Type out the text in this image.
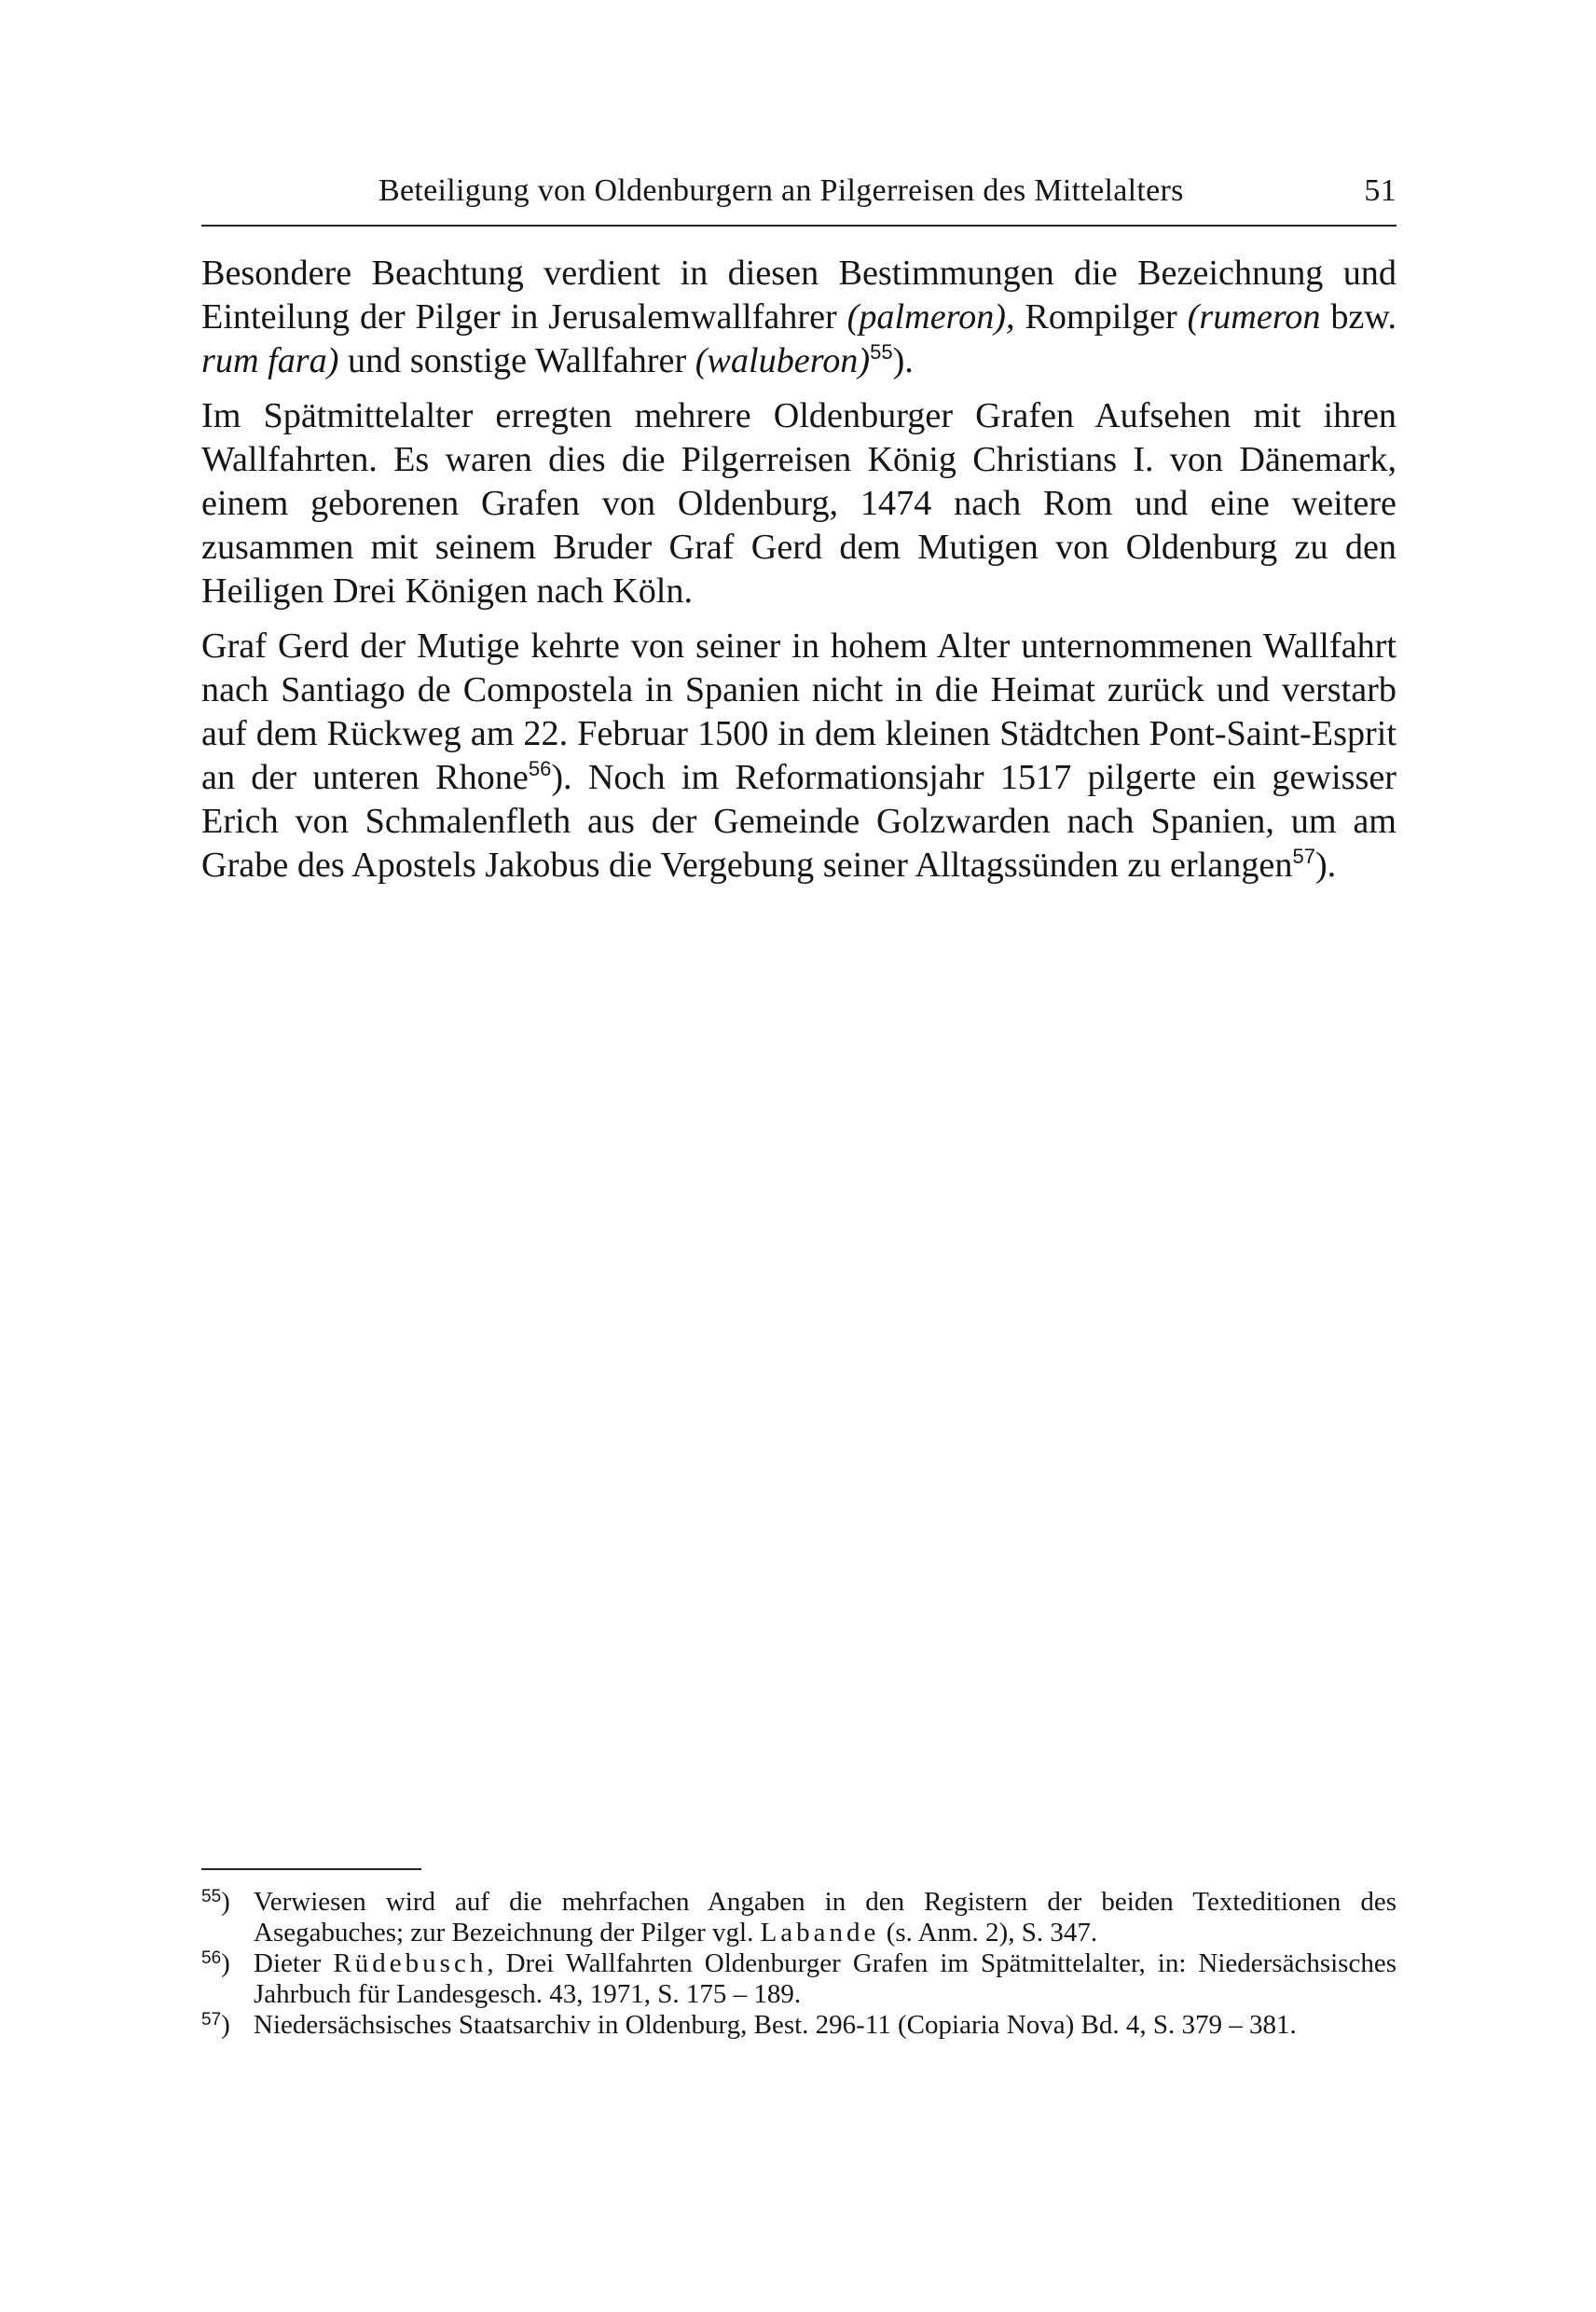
Beteiligung von Oldenburgern an Pilgerreisen des Mittelalters	51

Besondere Beachtung verdient in diesen Bestimmungen die Bezeichnung und Einteilung der Pilger in Jerusalemwallfahrer (palmeron), Rompilger (rumeron bzw. rum fara) und sonstige Wallfahrer (waluberon)$^{55}$).

Im Spätmittelalter erregten mehrere Oldenburger Grafen Aufsehen mit ihren Wallfahrten. Es waren dies die Pilgerreisen König Christians I. von Dänemark, einem geborenen Grafen von Oldenburg, 1474 nach Rom und eine weitere zusammen mit seinem Bruder Graf Gerd dem Mutigen von Oldenburg zu den Heiligen Drei Königen nach Köln.

Graf Gerd der Mutige kehrte von seiner in hohem Alter unternommenen Wallfahrt nach Santiago de Compostela in Spanien nicht in die Heimat zurück und verstarb auf dem Rückweg am 22. Februar 1500 in dem kleinen Städtchen Pont-Saint-Esprit an der unteren Rhone$^{56}$). Noch im Reformationsjahr 1517 pilgerte ein gewisser Erich von Schmalenfleth aus der Gemeinde Golzwarden nach Spanien, um am Grabe des Apostels Jakobus die Vergebung seiner Alltagssünden zu erlangen$^{57}$).

$^{55}$) Verwiesen wird auf die mehrfachen Angaben in den Registern der beiden Texteditionen des Asegabuches; zur Bezeichnung der Pilger vgl. Labande (s. Anm. 2), S. 347.
$^{56}$) Dieter Rüdebusch, Drei Wallfahrten Oldenburger Grafen im Spätmittelalter, in: Niedersächsisches Jahrbuch für Landesgesch. 43, 1971, S. 175 – 189.
$^{57}$) Niedersächsisches Staatsarchiv in Oldenburg, Best. 296-11 (Copiaria Nova) Bd. 4, S. 379 – 381.
